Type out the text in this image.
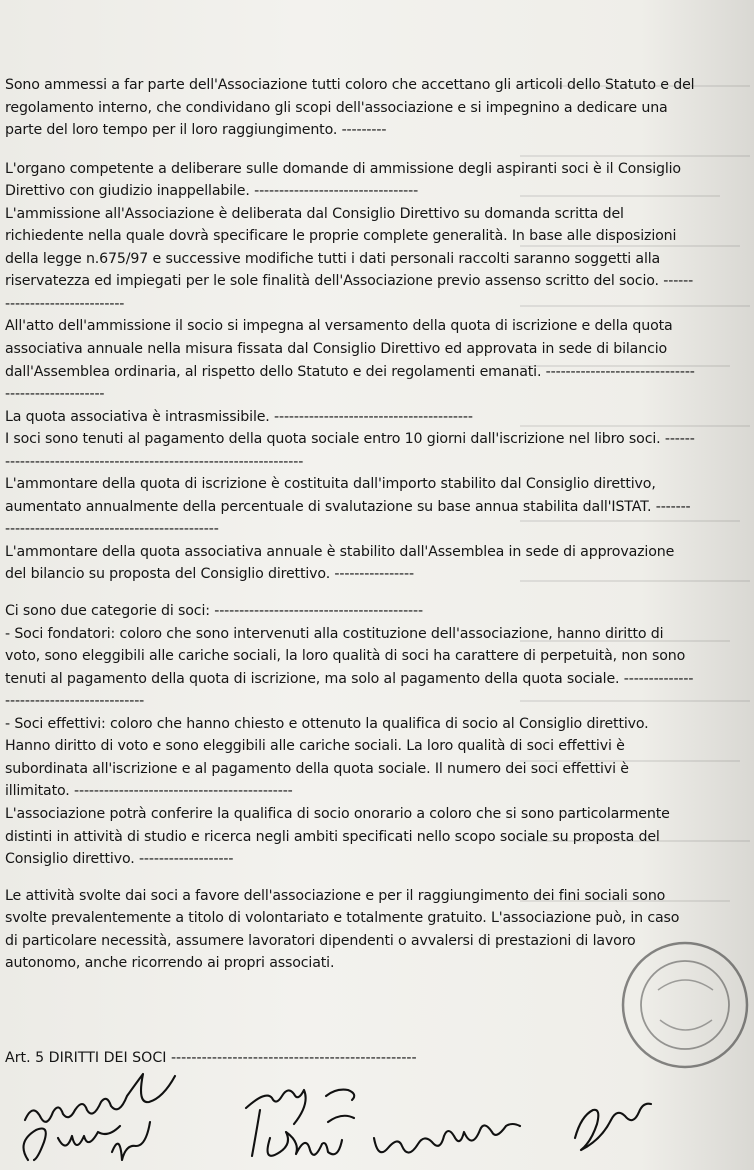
Sono ammessi a far parte dell'Associazione tutti coloro che accettano gli articoli dello Statuto e del regolamento interno, che condividano gli scopi dell'associazione e si impegnino a dedicare una parte del loro tempo per il loro raggiungimento. ---------

L'organo competente a deliberare sulle domande di ammissione degli aspiranti soci è il Consiglio Direttivo con giudizio inappellabile. ---------------------------------

L'ammissione all'Associazione è deliberata dal Consiglio Direttivo su domanda scritta del richiedente nella quale dovrà specificare le proprie complete generalità. In base alle disposizioni della legge n.675/97 e successive modifiche tutti i dati personali raccolti saranno soggetti alla riservatezza ed impiegati per le sole finalità dell'Associazione previo assenso scritto del socio. ------------------------------

All'atto dell'ammissione il socio si impegna al versamento della quota di iscrizione e della quota associativa annuale nella misura fissata dal Consiglio Direttivo ed approvata in sede di bilancio dall'Assemblea ordinaria, al rispetto dello Statuto e dei regolamenti emanati. --------------------------------------------------

La quota associativa è intrasmissibile. ----------------------------------------

I soci sono tenuti al pagamento della quota sociale entro 10 giorni dall'iscrizione nel libro soci. ------------------------------------------------------------------

L'ammontare della quota di iscrizione è costituita dall'importo stabilito dal Consiglio direttivo, aumentato annualmente della percentuale di svalutazione su base annua stabilita dall'ISTAT. --------------------------------------------------

L'ammontare della quota associativa annuale è stabilito dall'Assemblea in sede di approvazione del bilancio su proposta del Consiglio direttivo. ----------------

Ci sono due categorie di soci: ------------------------------------------

- Soci fondatori: coloro che sono intervenuti alla costituzione dell'associazione, hanno diritto di voto, sono eleggibili alle cariche sociali, la loro qualità di soci ha carattere di perpetuità, non sono tenuti al pagamento della quota di iscrizione, ma solo al pagamento della quota sociale. ------------------------------------------

- Soci effettivi: coloro che hanno chiesto e ottenuto la qualifica di socio al Consiglio direttivo. Hanno diritto di voto e sono eleggibili alle cariche sociali. La loro qualità di soci effettivi è subordinata all'iscrizione e al pagamento della quota sociale. Il numero dei soci effettivi è illimitato. --------------------------------------------

L'associazione potrà conferire la qualifica di socio onorario a coloro che si sono particolarmente distinti in attività di studio e ricerca negli ambiti specificati nello scopo sociale su proposta del Consiglio direttivo. -------------------

Le attività svolte dai soci a favore dell'associazione e per il raggiungimento dei fini sociali sono svolte prevalentemente a titolo di volontariato e totalmente gratuito. L'associazione può, in caso di particolare necessità, assumere lavoratori dipendenti o avvalersi di prestazioni di lavoro autonomo, anche ricorrendo ai propri associati.

Art. 5 DIRITTI DEI SOCI ------------------------------------------------
